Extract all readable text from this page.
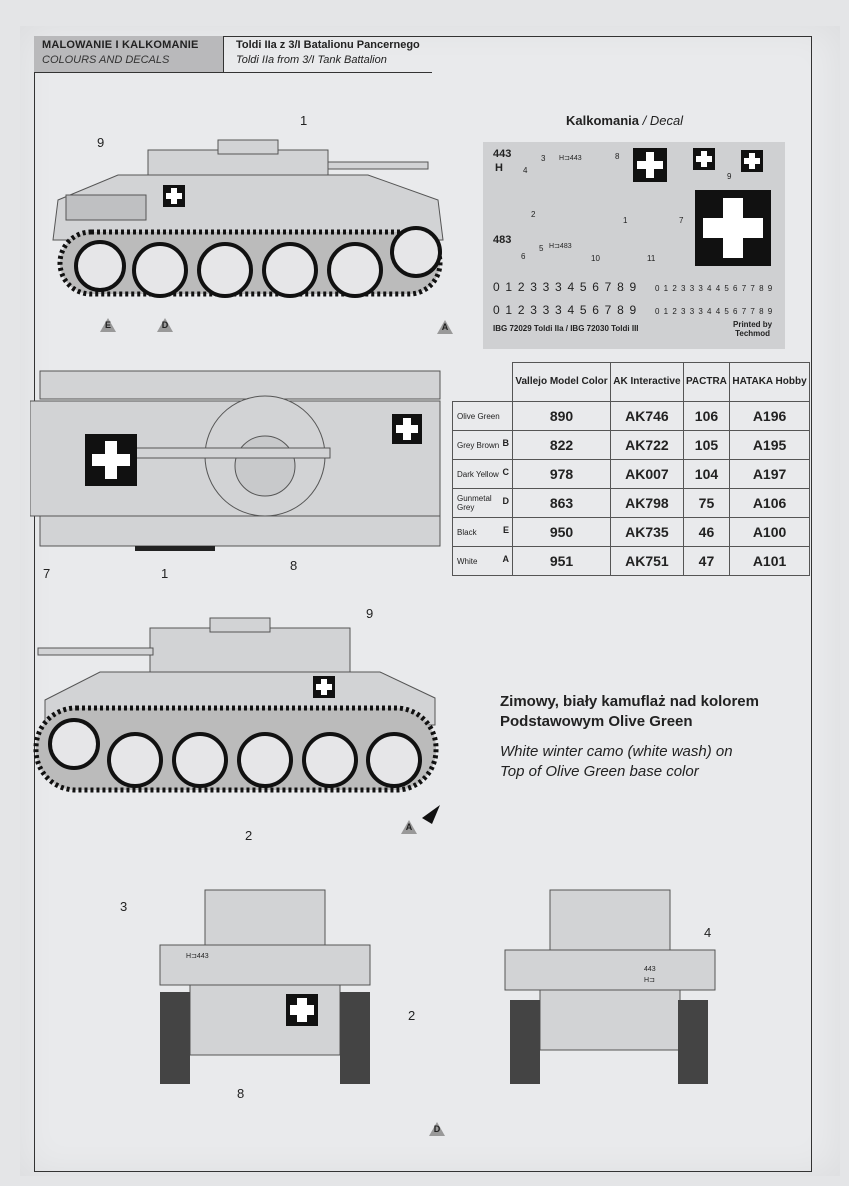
MALOWANIE I KALKOMANIE
COLOURS AND DECALS
Toldi IIa z 3/I Batalionu Pancernego
Toldi IIa from 3/I Tank Battalion
9
1
E	D	A
Kalkomania / Decal
443
H
H⊐443
483
H⊐483
3
4
8
9
2
1	7
5
6	10	11
IBG 72029 Toldi IIa / IBG 72030 Toldi III	Printed by
Techmod
0 1 2 3 3 3 4 5 6 7 8 9
0 1 2 3 3 3 4 5 6 7 8 9
0 1 2 3 3 3 4 4 5 6 7 7 8 9
0 1 2 3 3 3 4 4 5 6 7 7 8 9
7
8
	Vallejo Model Color	AK Interactive	PACTRA	HATAKA Hobby
Olive Green	890	AK746	106	A196
Grey Brown B	822	AK722	105	A195
Dark Yellow C	978	AK007	104	A197
Gunmetal Grey
D	863	AK798	75	A106
Black E	950	AK735	46	A100
White A	951	AK751	47	A101
1
9
Zimowy, biały kamuflaż nad kolorem
Podstawowym Olive Green
White winter camo (white wash) on
Top of Olive Green base color
A
H⊐443
2
3
8
443
H⊐
4
2
D
